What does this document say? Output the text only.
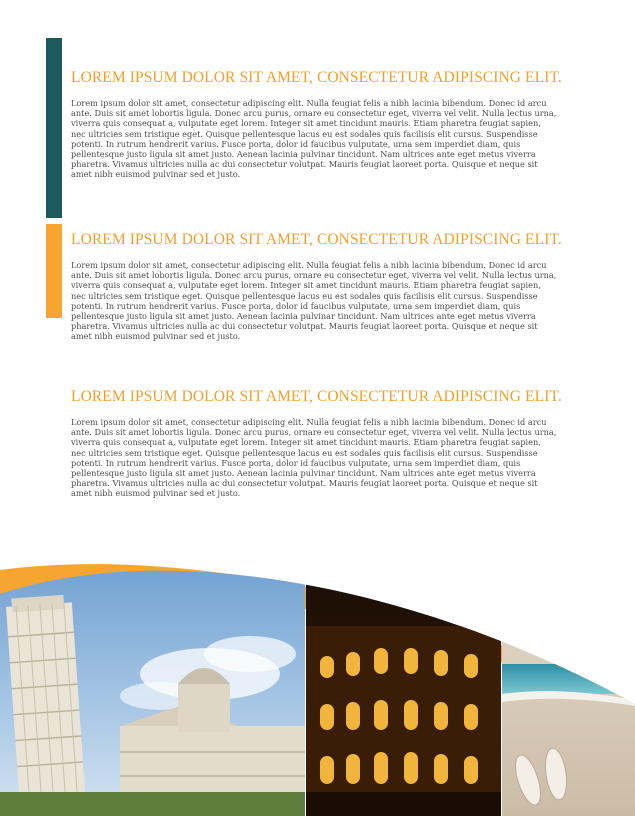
LOREM IPSUM DOLOR SIT AMET, CONSECTETUR ADIPISCING ELIT.

Lorem ipsum dolor sit amet, consectetur adipiscing elit. Nulla feugiat felis a nibh lacinia bibendum. Donec id arcu
ante. Duis sit amet lobortis ligula. Donec arcu purus, ornare eu consectetur eget, viverra vel velit. Nulla lectus urna,
viverra quis consequat a, vulputate eget lorem. Integer sit amet tincidunt mauris. Etiam pharetra feugiat sapien,
nec ultricies sem tristique eget. Quisque pellentesque lacus eu est sodales quis facilisis elit cursus. Suspendisse
potenti. In rutrum hendrerit varius. Fusce porta, dolor id faucibus vulputate, urna sem imperdiet diam, quis
pellentesque justo ligula sit amet justo. Aenean lacinia pulvinar tincidunt. Nam ultrices ante eget metus viverra
pharetra. Vivamus ultricies nulla ac dui consectetur volutpat. Mauris feugiat laoreet porta. Quisque et neque sit
amet nibh euismod pulvinar sed et justo.

LOREM IPSUM DOLOR SIT AMET, CONSECTETUR ADIPISCING ELIT.

Lorem ipsum dolor sit amet, consectetur adipiscing elit. Nulla feugiat felis a nibh lacinia bibendum. Donec id arcu
ante. Duis sit amet lobortis ligula. Donec arcu purus, ornare eu consectetur eget, viverra vel velit. Nulla lectus urna,
viverra quis consequat a, vulputate eget lorem. Integer sit amet tincidunt mauris. Etiam pharetra feugiat sapien,
nec ultricies sem tristique eget. Quisque pellentesque lacus eu est sodales quis facilisis elit cursus. Suspendisse
potenti. In rutrum hendrerit varius. Fusce porta, dolor id faucibus vulputate, urna sem imperdiet diam, quis
pellentesque justo ligula sit amet justo. Aenean lacinia pulvinar tincidunt. Nam ultrices ante eget metus viverra
pharetra. Vivamus ultricies nulla ac dui consectetur volutpat. Mauris feugiat laoreet porta. Quisque et neque sit
amet nibh euismod pulvinar sed et justo.

LOREM IPSUM DOLOR SIT AMET, CONSECTETUR ADIPISCING ELIT.

Lorem ipsum dolor sit amet, consectetur adipiscing elit. Nulla feugiat felis a nibh lacinia bibendum. Donec id arcu
ante. Duis sit amet lobortis ligula. Donec arcu purus, ornare eu consectetur eget, viverra vel velit. Nulla lectus urna,
viverra quis consequat a, vulputate eget lorem. Integer sit amet tincidunt mauris. Etiam pharetra feugiat sapien,
nec ultricies sem tristique eget. Quisque pellentesque lacus eu est sodales quis facilisis elit cursus. Suspendisse
potenti. In rutrum hendrerit varius. Fusce porta, dolor id faucibus vulputate, urna sem imperdiet diam, quis
pellentesque justo ligula sit amet justo. Aenean lacinia pulvinar tincidunt. Nam ultrices ante eget metus viverra
pharetra. Vivamus ultricies nulla ac dui consectetur volutpat. Mauris feugiat laoreet porta. Quisque et neque sit
amet nibh euismod pulvinar sed et justo.
